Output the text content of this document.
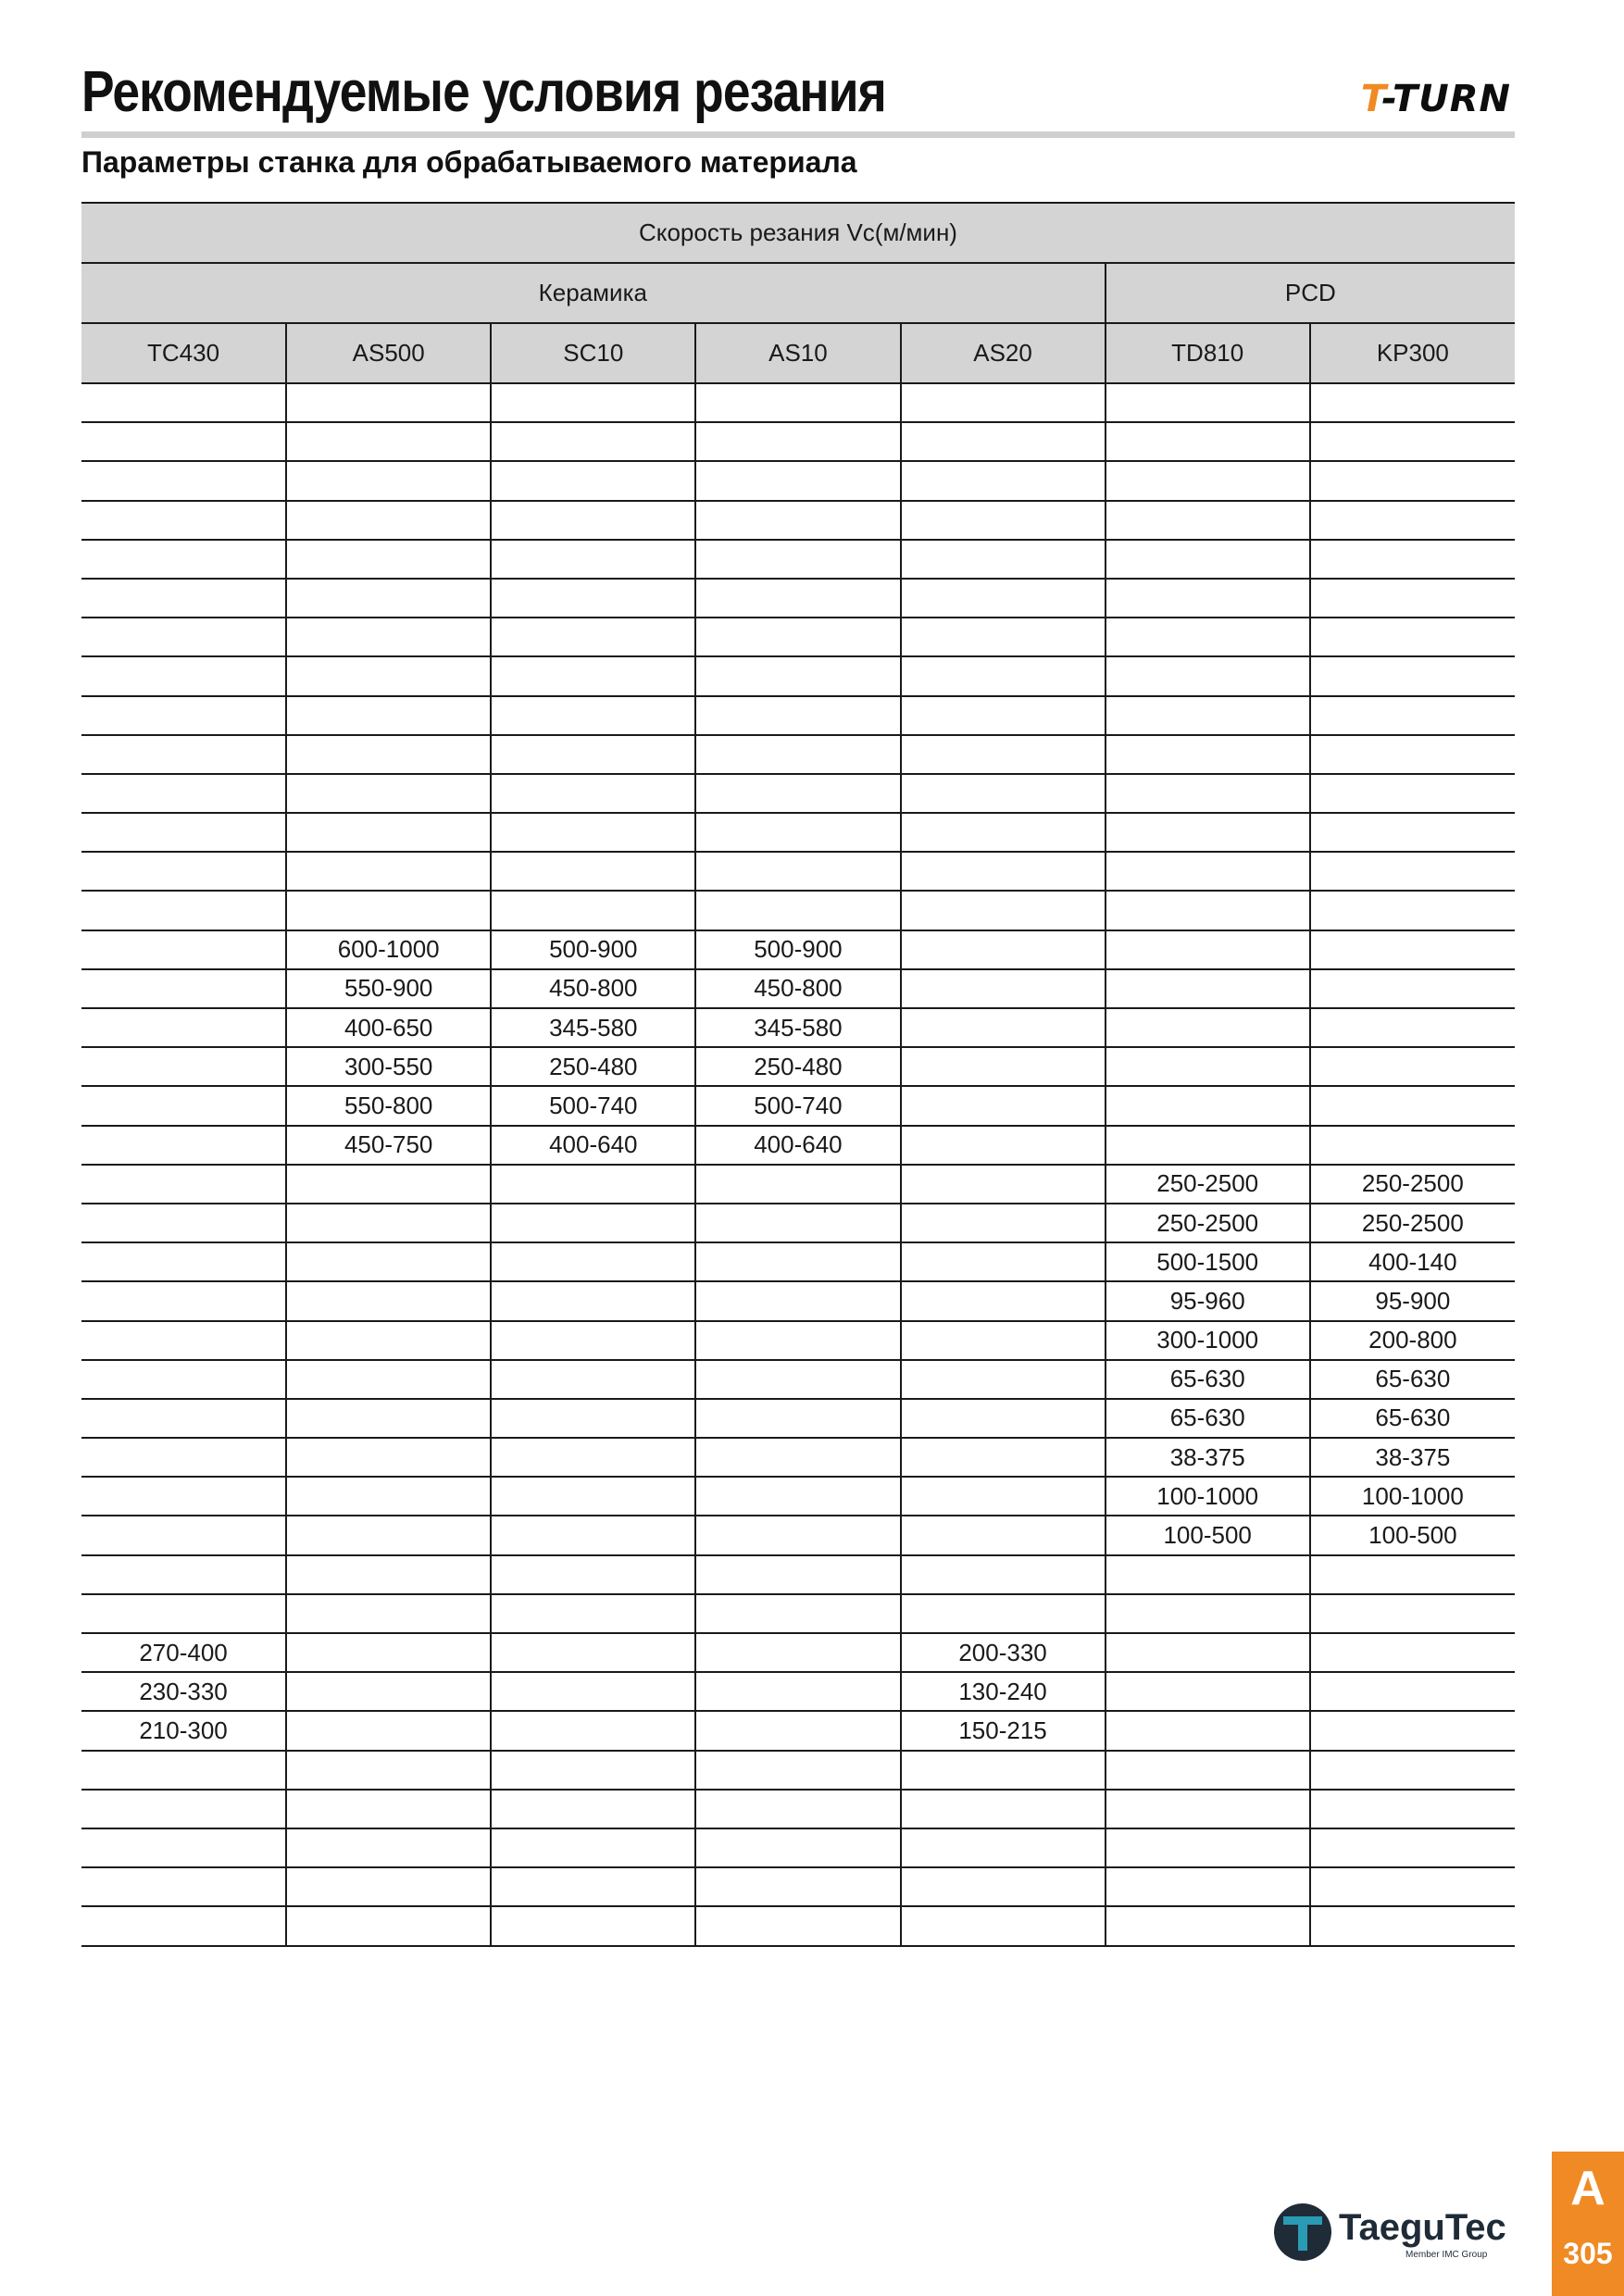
Рекомендуемые условия резания	T-TURN
Параметры станка для обрабатываемого материала
Скорость резания Vc(м/мин)						
Керамика					PCD	
TC430	AS500	SC10	AS10	AS20	TD810	KP300

	600-1000	500-900	500-900			
	550-900	450-800	450-800			
	400-650	345-580	345-580			
	300-550	250-480	250-480			
	550-800	500-740	500-740			
	450-750	400-640	400-640			
					250-2500	250-2500
					250-2500	250-2500
					500-1500	400-140
					95-960	95-900
					300-1000	200-800
					65-630	65-630
					65-630	65-630
					38-375	38-375
					100-1000	100-1000
					100-500	100-500

270-400				200-330		
230-330				130-240		
210-300				150-215		

TaeguTec
Member IMC Group
A
305
